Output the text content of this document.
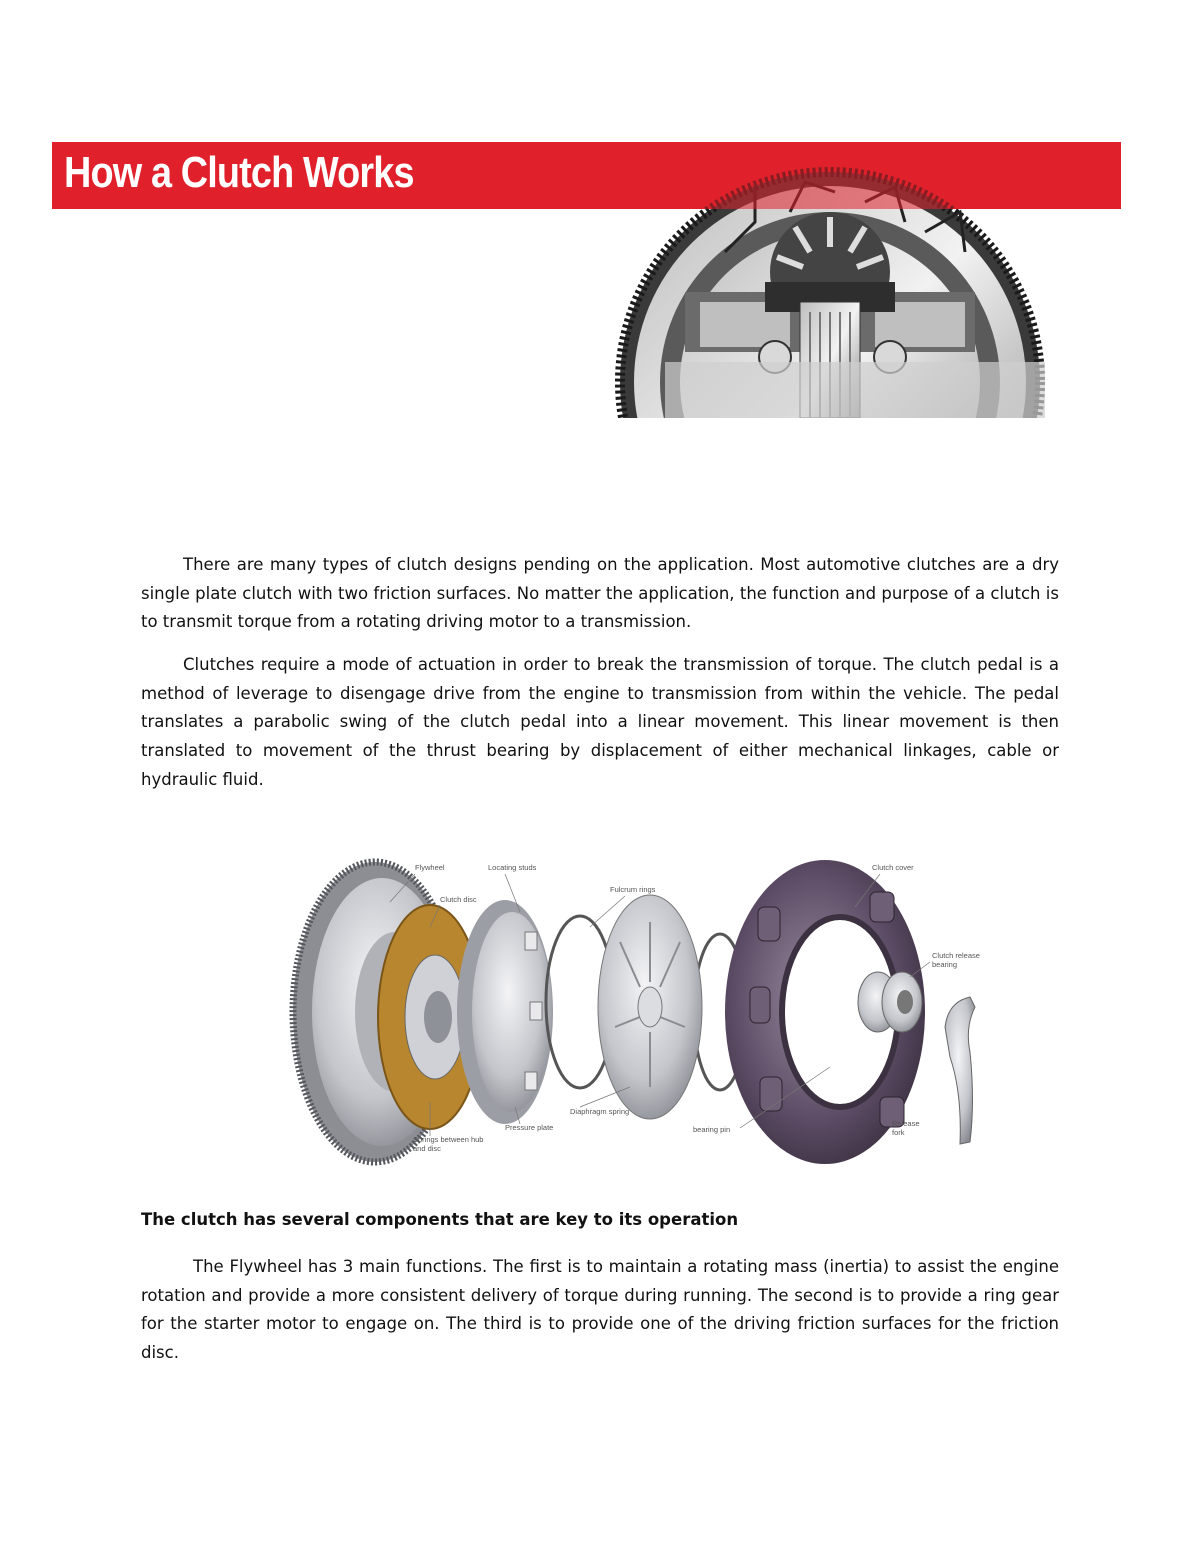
How a Clutch Works

There are many types of clutch designs pending on the application. Most automotive clutches are a dry single plate clutch with two friction surfaces. No matter the application, the function and purpose of a clutch is to transmit torque from a rotating driving motor to a transmission.

Clutches require a mode of actuation in order to break the transmission of torque. The clutch pedal is a method of leverage to disengage drive from the engine to transmission from within the vehicle. The pedal translates a parabolic swing of the clutch pedal into a linear movement. This linear movement is then translated to movement of the thrust bearing by displacement of either mechanical linkages, cable or hydraulic fluid.

Flywheel	Locating studs
Clutch disc
Fulcrum rings
Clutch cover
Clutch release
bearing
Diaphragm spring
Pressure plate
Springs between hub
and disc
bearing pin
Release
fork
The clutch has several components that are key to its operation

The Flywheel has 3 main functions. The first is to maintain a rotating mass (inertia) to assist the engine rotation and provide a more consistent delivery of torque during running. The second is to provide a ring gear for the starter motor to engage on. The third is to provide one of the driving friction surfaces for the friction disc.
